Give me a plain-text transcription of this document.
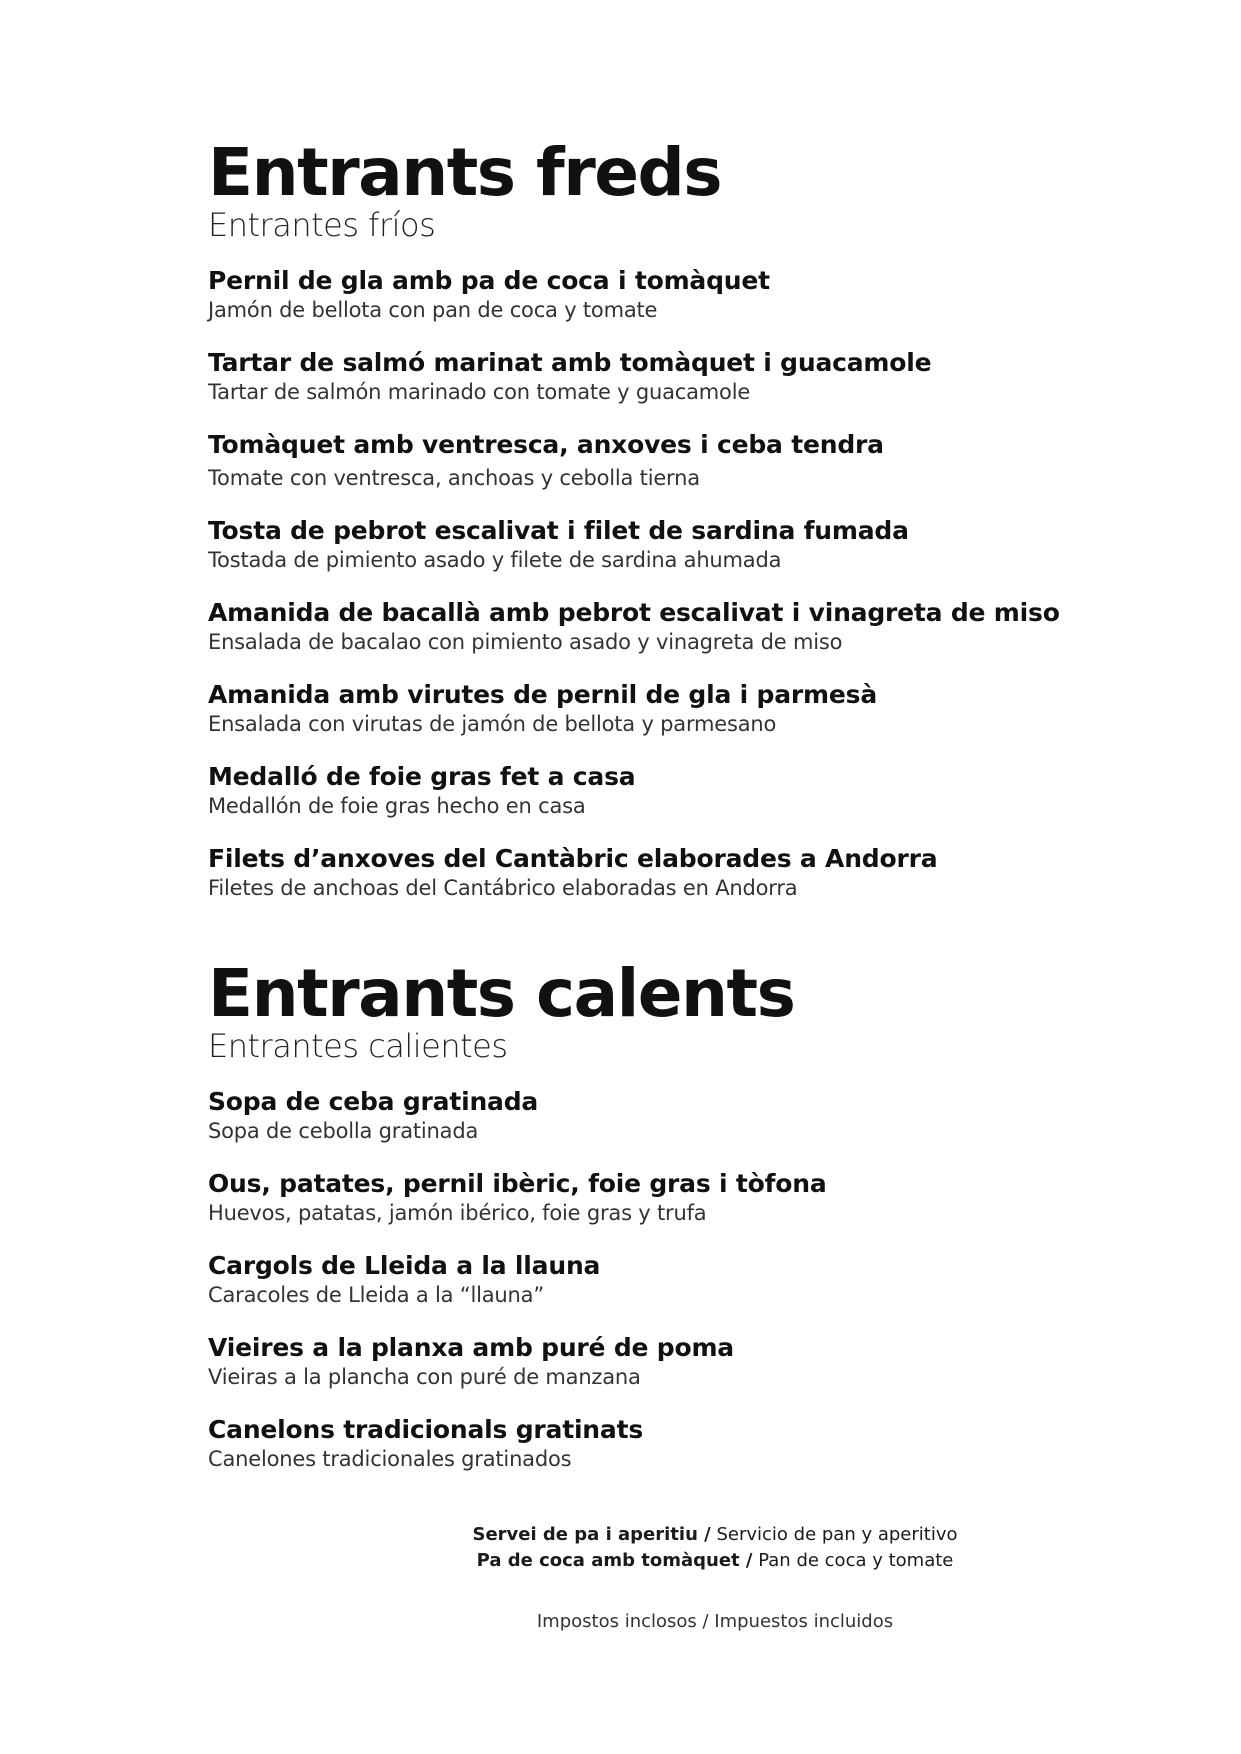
Entrants freds
Entrantes fríos
Pernil de gla amb pa de coca i tomàquet
Jamón de bellota con pan de coca y tomate
Tartar de salmó marinat amb tomàquet i guacamole
Tartar de salmón marinado con tomate y guacamole
Tomàquet amb ventresca, anxoves i ceba tendra
Tomate con ventresca, anchoas y cebolla tierna
Tosta de pebrot escalivat i filet de sardina fumada
Tostada de pimiento asado y filete de sardina ahumada
Amanida de bacallà amb pebrot escalivat i vinagreta de miso
Ensalada de bacalao con pimiento asado y vinagreta de miso
Amanida amb virutes de pernil de gla i parmesà
Ensalada con virutas de jamón de bellota y parmesano
Medalló de foie gras fet a casa
Medallón de foie gras hecho en casa
Filets d’anxoves del Cantàbric elaborades a Andorra
Filetes de anchoas del Cantábrico elaboradas en Andorra
Entrants calents
Entrantes calientes
Sopa de ceba gratinada
Sopa de cebolla gratinada
Ous, patates, pernil ibèric, foie gras i tòfona
Huevos, patatas, jamón ibérico, foie gras y trufa
Cargols de Lleida a la llauna
Caracoles de Lleida a la “llauna”
Vieires a la planxa amb puré de poma
Vieiras a la plancha con puré de manzana
Canelons tradicionals gratinats
Canelones tradicionales gratinados
Servei de pa i aperitiu / Servicio de pan y aperitivo
Pa de coca amb tomàquet / Pan de coca y tomate
Impostos inclosos / Impuestos incluidos
